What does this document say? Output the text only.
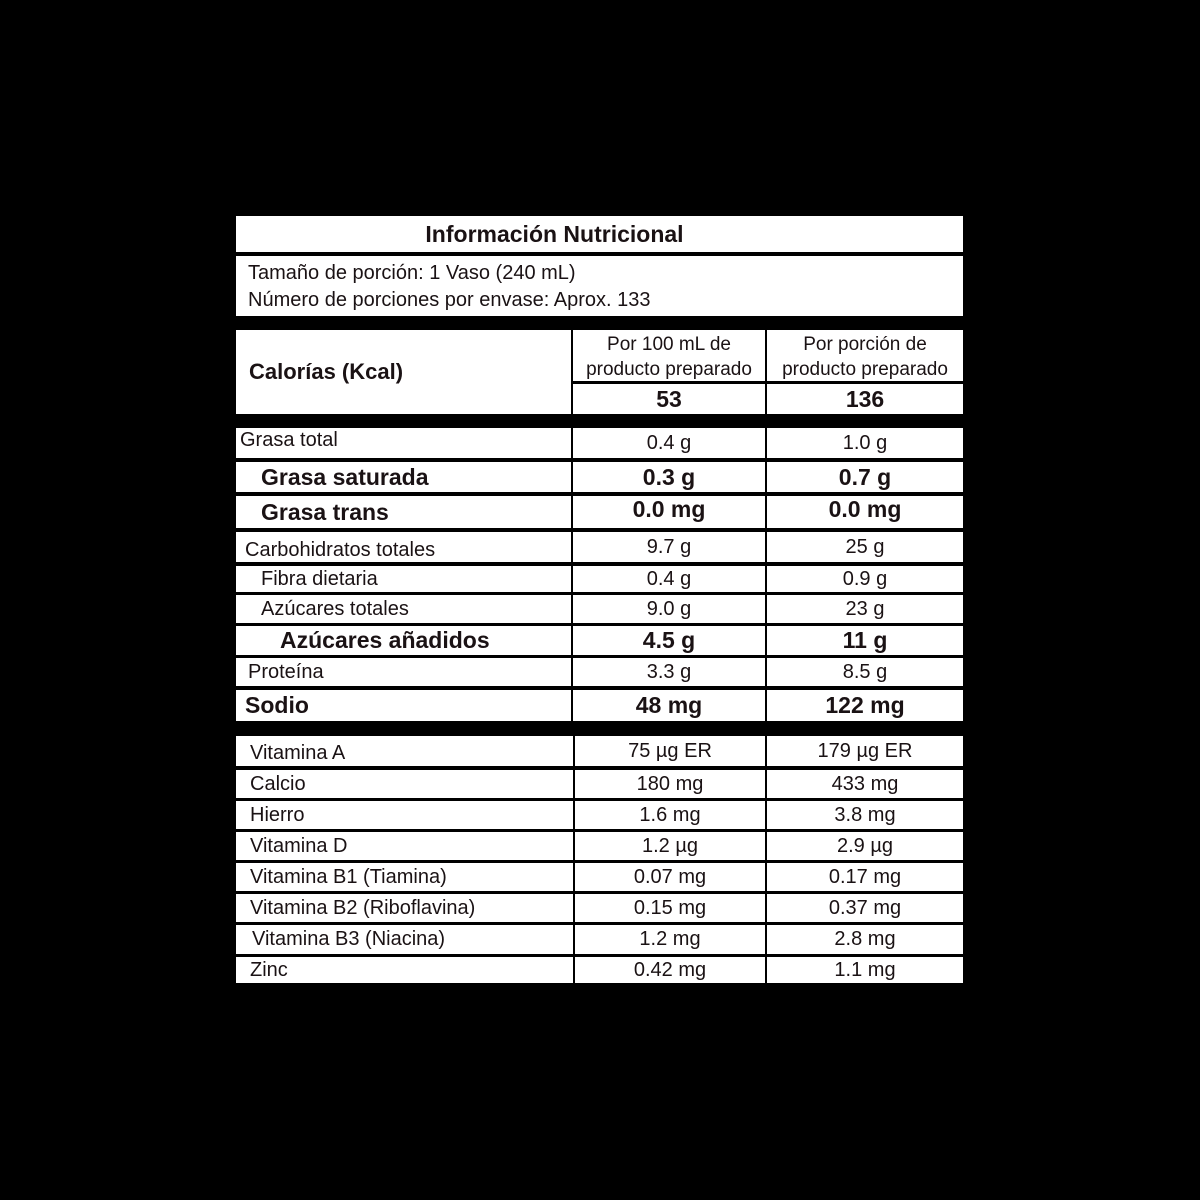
Información Nutricional
Tamaño de porción: 1 Vaso (240 mL)
Número de porciones por envase: Aprox. 133
Calorías (Kcal)
Por 100 mL de
producto preparado
Por porción de
producto preparado
53	136
Grasa total	0.4 g	1.0 g
Grasa saturada	0.3 g	0.7 g
Grasa trans	0.0 mg	0.0 mg
Carbohidratos totales	9.7 g	25 g
Fibra dietaria	0.4 g	0.9 g
Azúcares totales	9.0 g	23 g
Azúcares añadidos	4.5 g	11 g
Proteína	3.3 g	8.5 g
Sodio	48 mg	122 mg
Vitamina A	75 µg ER	179 µg ER
Calcio	180 mg	433 mg
Hierro	1.6 mg	3.8 mg
Vitamina D	1.2 µg	2.9 µg
Vitamina B1 (Tiamina)	0.07 mg	0.17 mg
Vitamina B2 (Riboflavina)	0.15 mg	0.37 mg
Vitamina B3 (Niacina)	1.2 mg	2.8 mg
Zinc	0.42 mg	1.1 mg
